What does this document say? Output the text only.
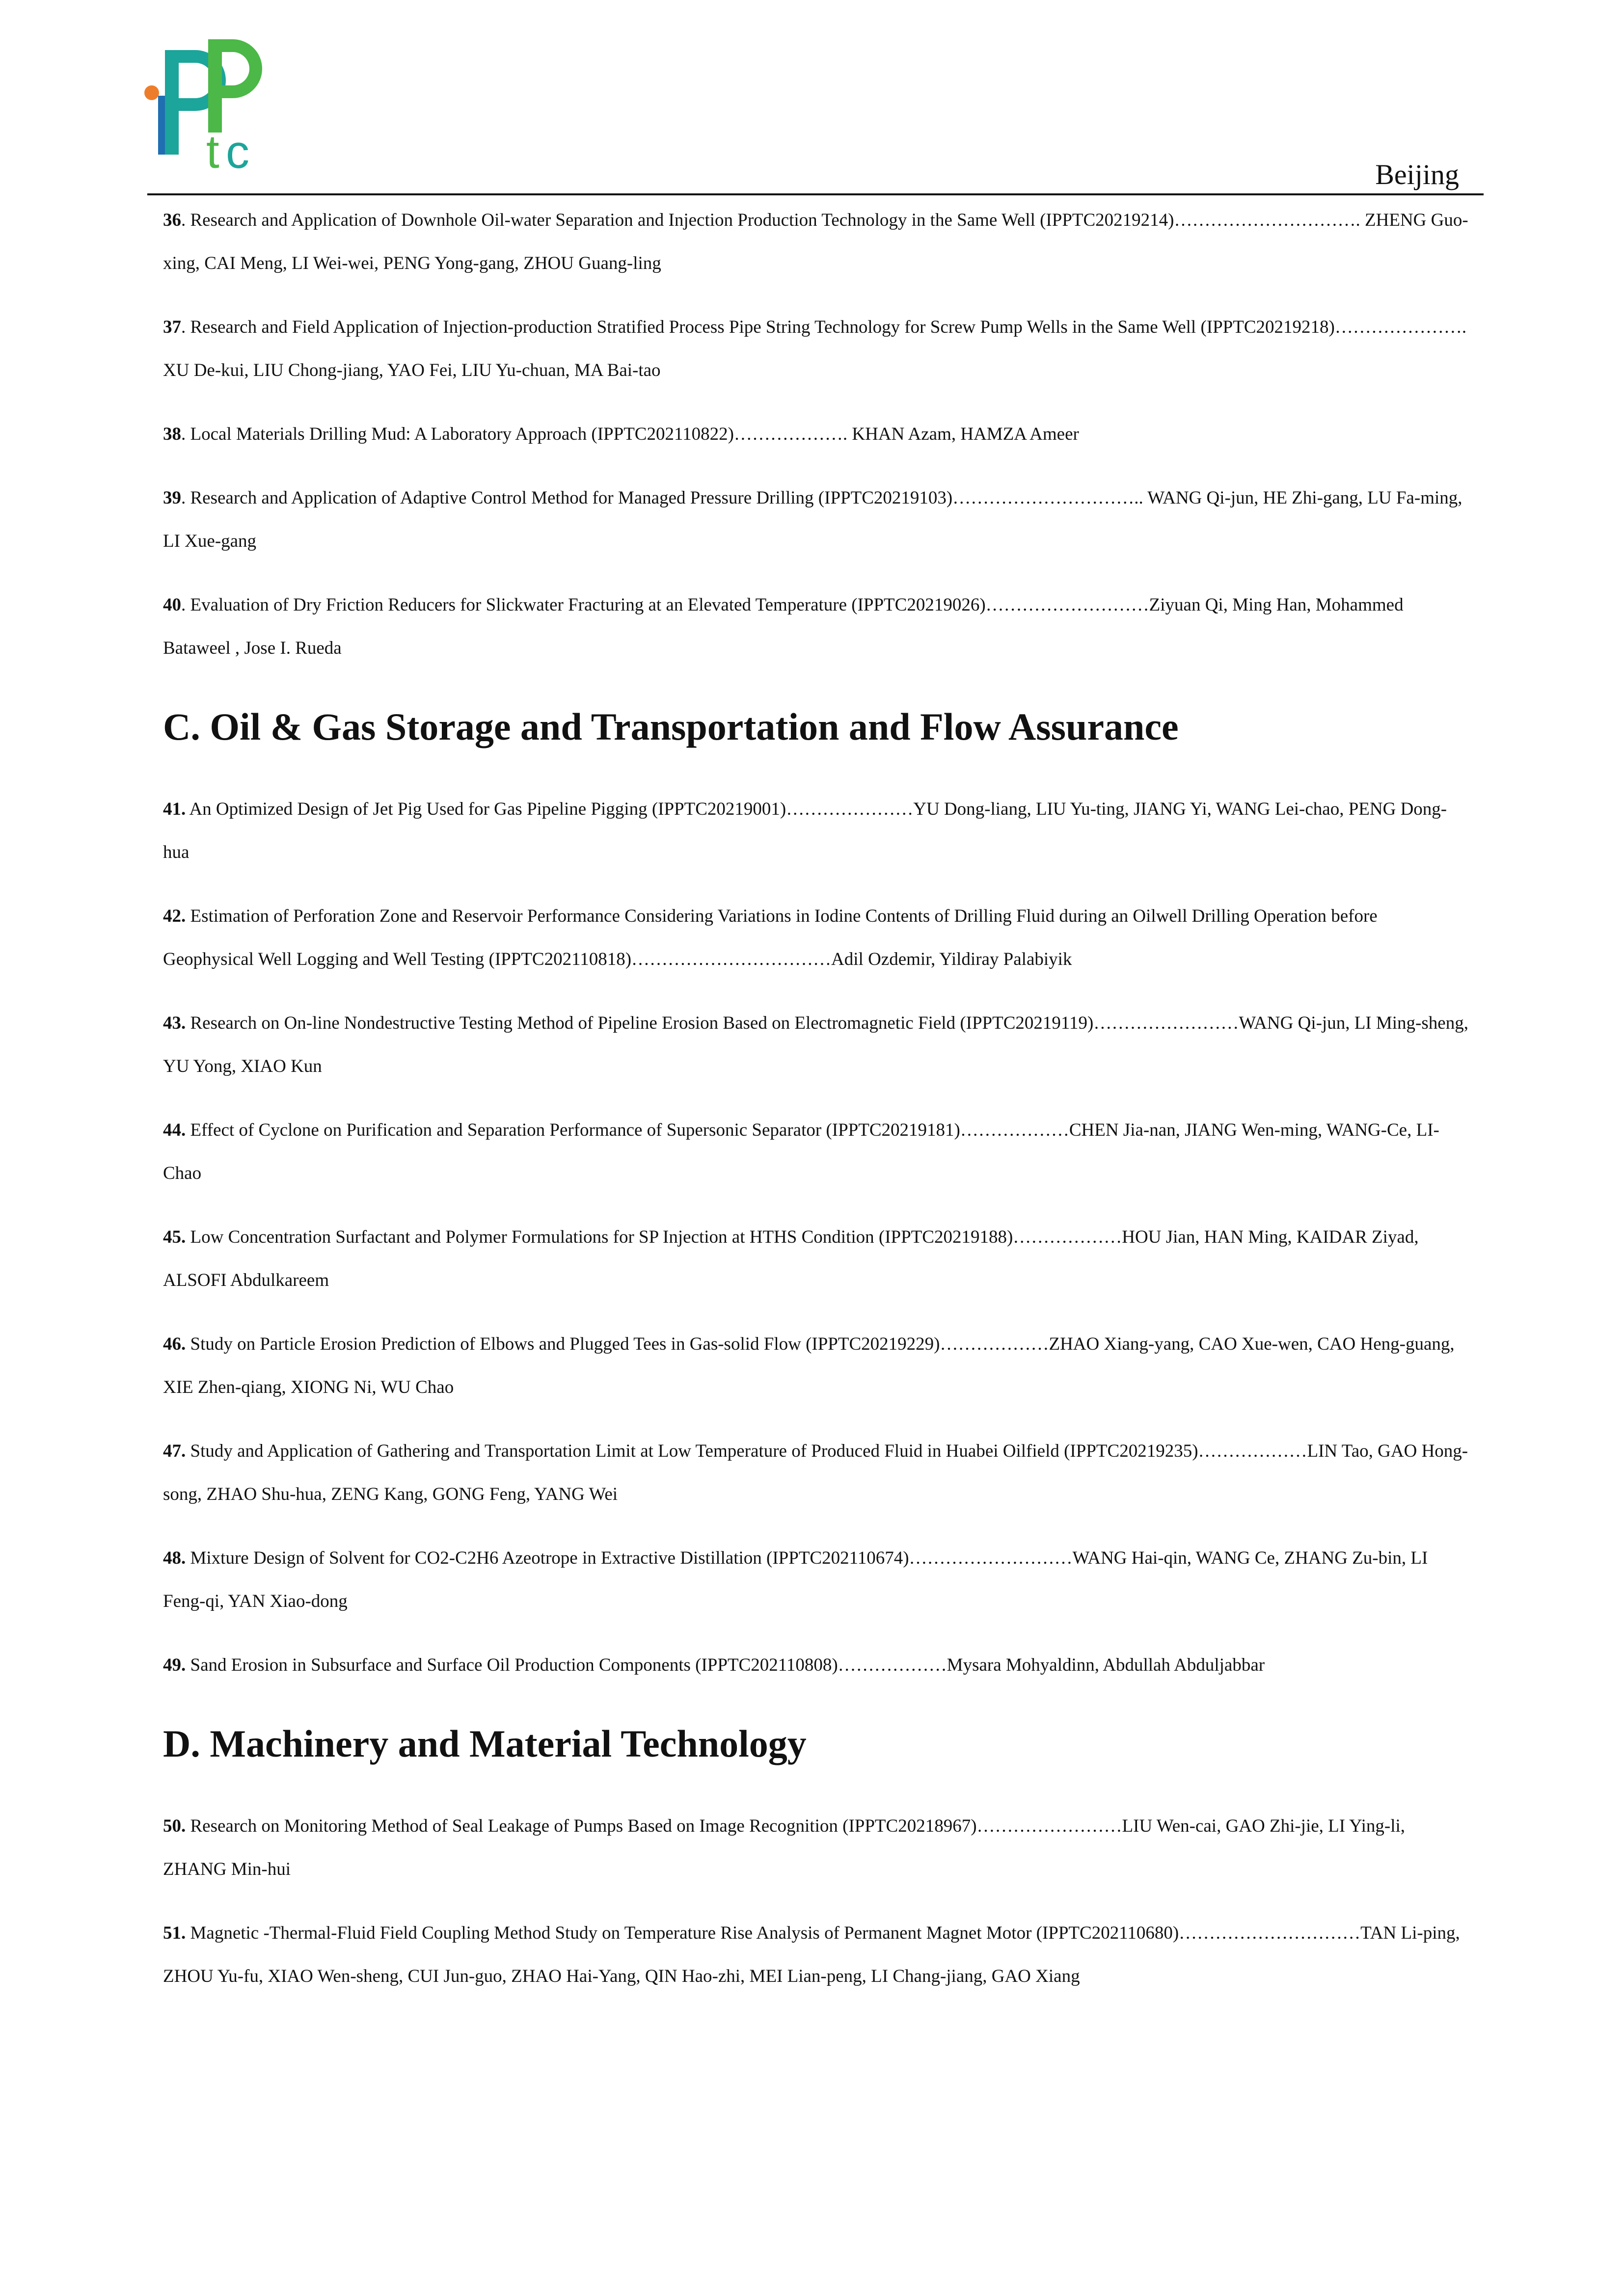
t c	Beijing
36. Research and Application of Downhole Oil-water Separation and Injection Production Technology in the Same Well (IPPTC20219214)…………………………. ZHENG Guo-xing, CAI Meng, LI Wei-wei, PENG Yong-gang, ZHOU Guang-ling
37. Research and Field Application of Injection-production Stratified Process Pipe String Technology for Screw Pump Wells in the Same Well (IPPTC20219218)…………………. XU De-kui, LIU Chong-jiang, YAO Fei, LIU Yu-chuan, MA Bai-tao
38. Local Materials Drilling Mud: A Laboratory Approach (IPPTC202110822)………………. KHAN Azam, HAMZA Ameer
39. Research and Application of Adaptive Control Method for Managed Pressure Drilling (IPPTC20219103)………………………….. WANG Qi-jun, HE Zhi-gang, LU Fa-ming, LI Xue-gang
40. Evaluation of Dry Friction Reducers for Slickwater Fracturing at an Elevated Temperature (IPPTC20219026)………………………Ziyuan Qi, Ming Han, Mohammed Bataweel , Jose I. Rueda
C. Oil & Gas Storage and Transportation and Flow Assurance
41. An Optimized Design of Jet Pig Used for Gas Pipeline Pigging (IPPTC20219001)…………………YU Dong-liang, LIU Yu-ting, JIANG Yi, WANG Lei-chao, PENG Dong-hua
42. Estimation of Perforation Zone and Reservoir Performance Considering Variations in Iodine Contents of Drilling Fluid during an Oilwell Drilling Operation before Geophysical Well Logging and Well Testing (IPPTC202110818)……………………………Adil Ozdemir, Yildiray Palabiyik
43. Research on On-line Nondestructive Testing Method of Pipeline Erosion Based on Electromagnetic Field (IPPTC20219119)……………………WANG Qi-jun, LI Ming-sheng, YU Yong, XIAO Kun
44. Effect of Cyclone on Purification and Separation Performance of Supersonic Separator (IPPTC20219181)………………CHEN Jia-nan, JIANG Wen-ming, WANG-Ce, LI-Chao
45. Low Concentration Surfactant and Polymer Formulations for SP Injection at HTHS Condition (IPPTC20219188)………………HOU Jian, HAN Ming, KAIDAR Ziyad, ALSOFI Abdulkareem
46. Study on Particle Erosion Prediction of Elbows and Plugged Tees in Gas-solid Flow (IPPTC20219229)………………ZHAO Xiang-yang, CAO Xue-wen, CAO Heng-guang, XIE Zhen-qiang, XIONG Ni, WU Chao
47. Study and Application of Gathering and Transportation Limit at Low Temperature of Produced Fluid in Huabei Oilfield (IPPTC20219235)………………LIN Tao, GAO Hong-song, ZHAO Shu-hua, ZENG Kang, GONG Feng, YANG Wei
48. Mixture Design of Solvent for CO2-C2H6 Azeotrope in Extractive Distillation (IPPTC202110674)………………………WANG Hai-qin, WANG Ce, ZHANG Zu-bin, LI Feng-qi, YAN Xiao-dong
49. Sand Erosion in Subsurface and Surface Oil Production Components (IPPTC202110808)………………Mysara Mohyaldinn, Abdullah Abduljabbar
D. Machinery and Material Technology
50. Research on Monitoring Method of Seal Leakage of Pumps Based on Image Recognition (IPPTC20218967)……………………LIU Wen-cai, GAO Zhi-jie, LI Ying-li, ZHANG Min-hui
51. Magnetic -Thermal-Fluid Field Coupling Method Study on Temperature Rise Analysis of Permanent Magnet Motor (IPPTC202110680)…………………………TAN Li-ping, ZHOU Yu-fu, XIAO Wen-sheng, CUI Jun-guo, ZHAO Hai-Yang, QIN Hao-zhi, MEI Lian-peng, LI Chang-jiang, GAO Xiang
